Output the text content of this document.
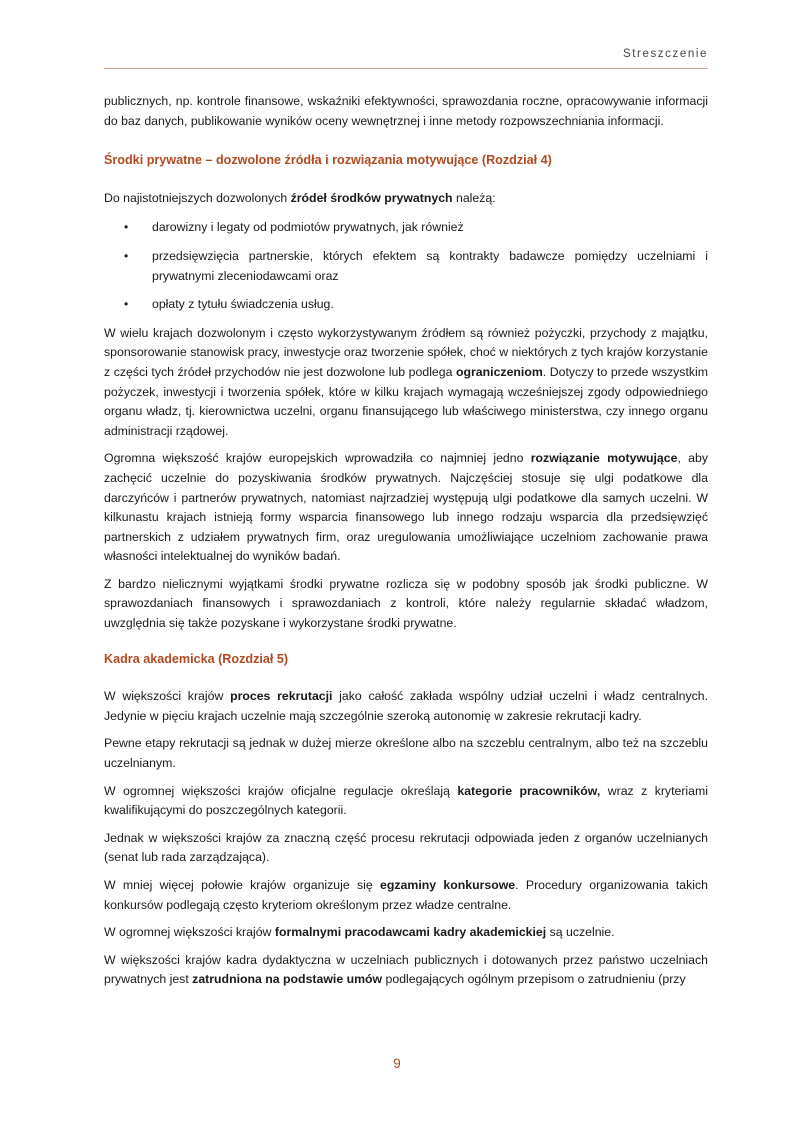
Streszczenie

publicznych, np. kontrole finansowe, wskaźniki efektywności, sprawozdania roczne, opracowywanie informacji do baz danych, publikowanie wyników oceny wewnętrznej i inne metody rozpowszechniania informacji.

Środki prywatne – dozwolone źródła i rozwiązania motywujące (Rozdział 4)

Do najistotniejszych dozwolonych źródeł środków prywatnych należą:

• darowizny i legaty od podmiotów prywatnych, jak również
• przedsięwzięcia partnerskie, których efektem są kontrakty badawcze pomiędzy uczelniami i prywatnymi zleceniodawcami oraz
• opłaty z tytułu świadczenia usług.

W wielu krajach dozwolonym i często wykorzystywanym źródłem są również pożyczki, przychody z majątku, sponsorowanie stanowisk pracy, inwestycje oraz tworzenie spółek, choć w niektórych z tych krajów korzystanie z części tych źródeł przychodów nie jest dozwolone lub podlega ograniczeniom. Dotyczy to przede wszystkim pożyczek, inwestycji i tworzenia spółek, które w kilku krajach wymagają wcześniejszej zgody odpowiedniego organu władz, tj. kierownictwa uczelni, organu finansującego lub właściwego ministerstwa, czy innego organu administracji rządowej.

Ogromna większość krajów europejskich wprowadziła co najmniej jedno rozwiązanie motywujące, aby zachęcić uczelnie do pozyskiwania środków prywatnych. Najczęściej stosuje się ulgi podatkowe dla darczyńców i partnerów prywatnych, natomiast najrzadziej występują ulgi podatkowe dla samych uczelni. W kilkunastu krajach istnieją formy wsparcia finansowego lub innego rodzaju wsparcia dla przedsięwzięć partnerskich z udziałem prywatnych firm, oraz uregulowania umożliwiające uczelniom zachowanie prawa własności intelektualnej do wyników badań.

Z bardzo nielicznymi wyjątkami środki prywatne rozlicza się w podobny sposób jak środki publiczne. W sprawozdaniach finansowych i sprawozdaniach z kontroli, które należy regularnie składać władzom, uwzględnia się także pozyskane i wykorzystane środki prywatne.

Kadra akademicka (Rozdział 5)

W większości krajów proces rekrutacji jako całość zakłada wspólny udział uczelni i władz centralnych. Jedynie w pięciu krajach uczelnie mają szczególnie szeroką autonomię w zakresie rekrutacji kadry.

Pewne etapy rekrutacji są jednak w dużej mierze określone albo na szczeblu centralnym, albo też na szczeblu uczelnianym.

W ogromnej większości krajów oficjalne regulacje określają kategorie pracowników, wraz z kryteriami kwalifikującymi do poszczególnych kategorii.

Jednak w większości krajów za znaczną część procesu rekrutacji odpowiada jeden z organów uczelnianych (senat lub rada zarządzająca).

W mniej więcej połowie krajów organizuje się egzaminy konkursowe. Procedury organizowania takich konkursów podlegają często kryteriom określonym przez władze centralne.

W ogromnej większości krajów formalnymi pracodawcami kadry akademickiej są uczelnie.

W większości krajów kadra dydaktyczna w uczelniach publicznych i dotowanych przez państwo uczelniach prywatnych jest zatrudniona na podstawie umów podlegających ogólnym przepisom o zatrudnieniu (przy

9
